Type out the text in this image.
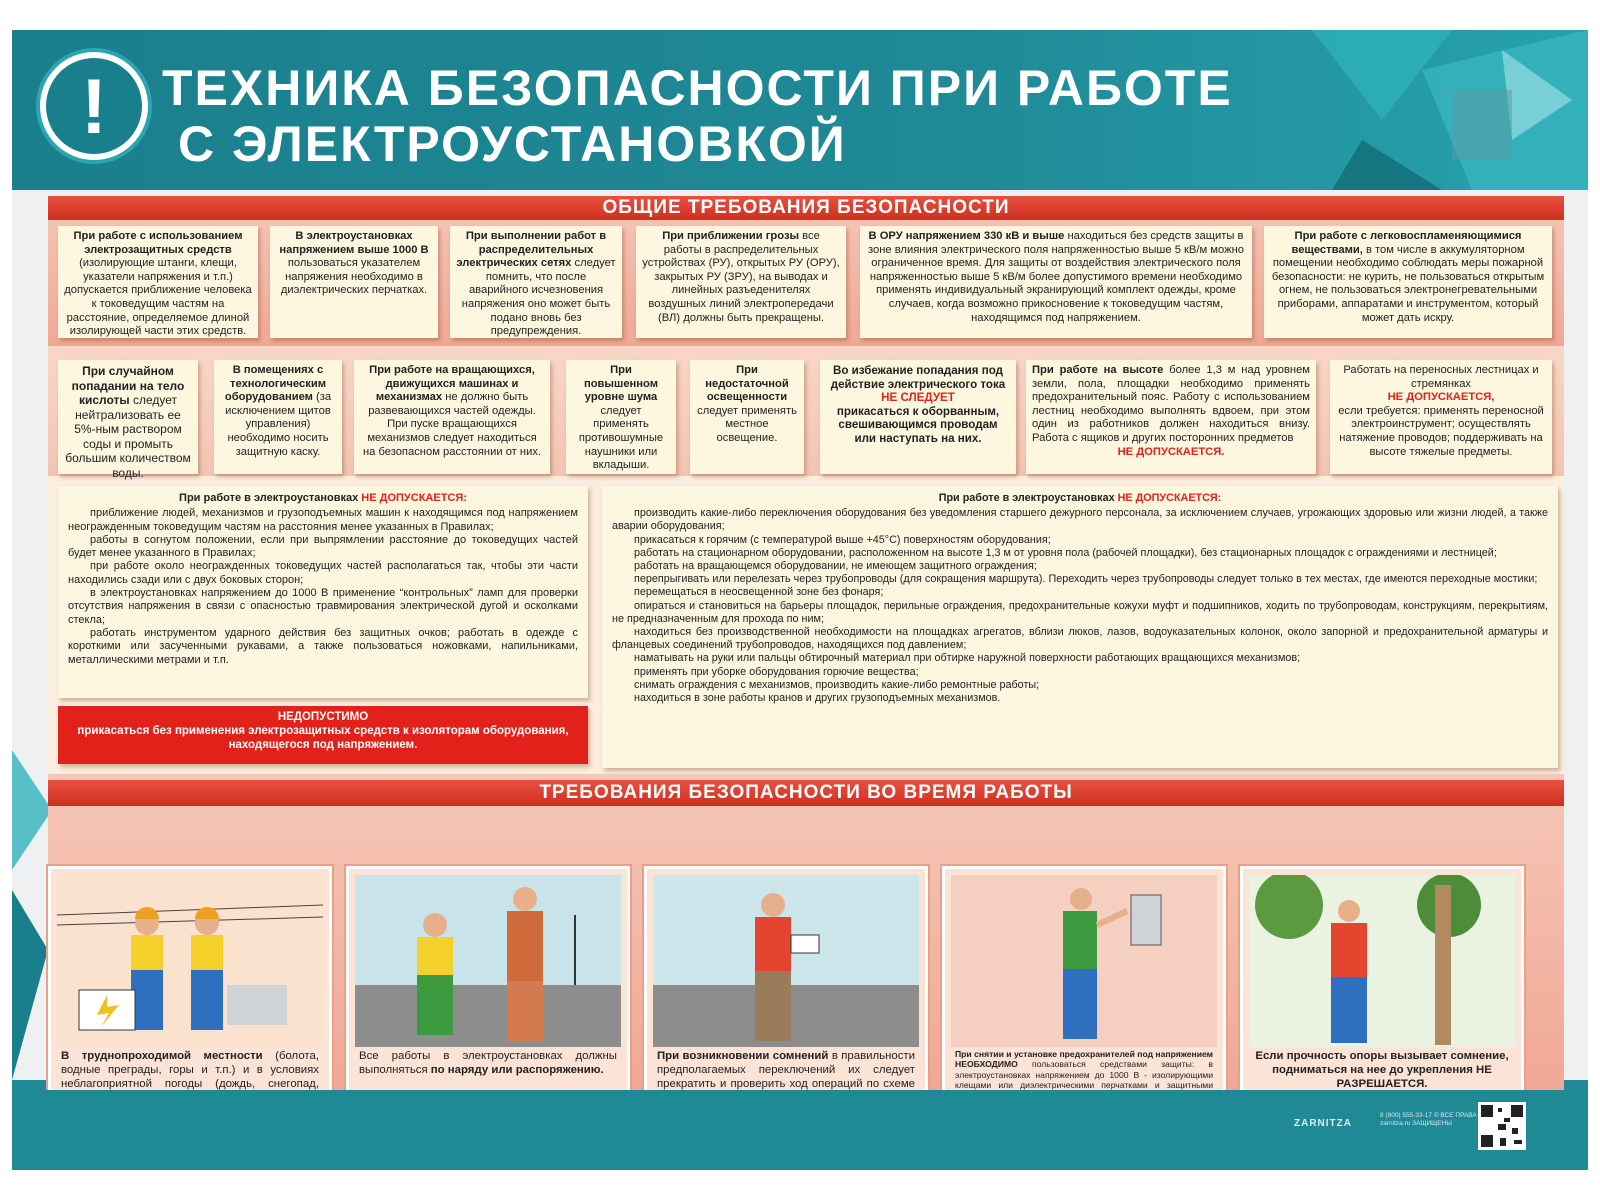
!	ТЕХНИКА БЕЗОПАСНОСТИ ПРИ РАБОТЕ
С ЭЛЕКТРОУСТАНОВКОЙ
ОБЩИЕ ТРЕБОВАНИЯ БЕЗОПАСНОСТИ
При работе с использованием электрозащитных средств (изолирующие штанги, клещи, указатели напряжения и т.п.) допускается приближение человека к токоведущим частям на расстояние, определяемое длиной изолирующей части этих средств.
В электроустановках напряжением выше 1000 В пользоваться указателем напряжения необходимо в диэлектрических перчатках.
При выполнении работ в распределительных электрических сетях следует помнить, что после аварийного исчезновения напряжения оно может быть подано вновь без предупреждения.
При приближении грозы все работы в распределительных устройствах (РУ), открытых РУ (ОРУ), закрытых РУ (ЗРУ), на выводах и линейных разъеденителях воздушных линий электропередачи (ВЛ) должны быть прекращены.
В ОРУ напряжением 330 кВ и выше находиться без средств защиты в зоне влияния электрического поля напряженностью выше 5 кВ/м можно ограниченное время. Для защиты от воздействия электрического поля напряженностью выше 5 кВ/м более допустимого времени необходимо применять индивидуальный экранирующий комплект одежды, кроме случаев, когда возможно прикосновение к токоведущим частям, находящимся под напряжением.
При работе с легковоспламеняющимися веществами, в том числе в аккумуляторном помещении необходимо соблюдать меры пожарной безопасности: не курить, не пользоваться открытым огнем, не пользоваться электронегревательными приборами, аппаратами и инструментом, который может дать искру.
При случайном попадании на тело кислоты следует нейтрализовать ее 5%-ным раствором соды и промыть большим количеством воды.
В помещениях с технологическим оборудованием (за исключением щитов управления) необходимо носить защитную каску.
При работе на вращающихся, движущихся машинах и механизмах не должно быть развевающихся частей одежды. При пуске вращающихся механизмов следует находиться на безопасном расстоянии от них.
При повышенном уровне шума следует применять противошумные наушники или вкладыши.
При недостаточной освещенности следует применять местное освещение.
Во избежание попадания под действие электрического тока
НЕ СЛЕДУЕТ
прикасаться к оборванным, свешивающимся проводам или наступать на них.
При работе на высоте более 1,3 м над уровнем земли, пола, площадки необходимо применять предохранительный пояс. Работу с использованием лестниц необходимо выполнять вдвоем, при этом один из работников должен находиться внизу. Работа с ящиков и других посторонних предметов
НЕ ДОПУСКАЕТСЯ.
Работать на переносных лестницах и стремянках
НЕ ДОПУСКАЕТСЯ,
если требуется: применять переносной электроинструмент; осуществлять натяжение проводов; поддерживать на высоте тяжелые предметы.
При работе в электроустановках НЕ ДОПУСКАЕТСЯ:

приближение людей, механизмов и грузоподъемных машин к находящимся под напряжением неогражденным токоведущим частям на расстояния менее указанных в Правилах;

работы в согнутом положении, если при выпрямлении расстояние до токоведущих частей будет менее указанного в Правилах;

при работе около неогражденных токоведущих частей располагаться так, чтобы эти части находились сзади или с двух боковых сторон;

в электроустановках напряжением до 1000 В применение “контрольных” ламп для проверки отсутствия напряжения в связи с опасностью травмирования электрической дугой и осколками стекла;

работать инструментом ударного действия без защитных очков; работать в одежде с короткими или засученными рукавами, а также пользоваться ножовками, напильниками, металлическими метрами и т.п.

НЕДОПУСТИМО
прикасаться без применения электрозащитных средств к изоляторам оборудования, находящегося под напряжением.
При работе в электроустановках НЕ ДОПУСКАЕТСЯ:

производить какие-либо переключения оборудования без уведомления старшего дежурного персонала, за исключением случаев, угрожающих здоровью или жизни людей, а также аварии оборудования;

прикасаться к горячим (с температурой выше +45°С) поверхностям оборудования;

работать на стационарном оборудовании, расположенном на высоте 1,3 м от уровня пола (рабочей площадки), без стационарных площадок с ограждениями и лестницей;

работать на вращающемся оборудовании, не имеющем защитного ограждения;

перепрыгивать или перелезать через трубопроводы (для сокращения маршрута). Переходить через трубопроводы следует только в тех местах, где имеются переходные мостики;

перемещаться в неосвещенной зоне без фонаря;

опираться и становиться на барьеры площадок, перильные ограждения, предохранительные кожухи муфт и подшипников, ходить по трубопроводам, конструкциям, перекрытиям, не предназначенным для прохода по ним;

находиться без производственной необходимости на площадках агрегатов, вблизи люков, лазов, водоуказательных колонок, около запорной и предохранительной арматуры и фланцевых соединений трубопроводов, находящихся под давлением;

наматывать на руки или пальцы обтирочный материал при обтирке наружной поверхности работающих вращающихся механизмов;

применять при уборке оборудования горючие вещества;

снимать ограждения с механизмов, производить какие-либо ремонтные работы;

находиться в зоне работы кранов и других грузоподъемных механизмов.

ТРЕБОВАНИЯ БЕЗОПАСНОСТИ ВО ВРЕМЯ РАБОТЫ
В труднопроходимой местности (болота, водные преграды, горы и т.п.) и в условиях неблагоприятной погоды (дождь, снегопад,
Все работы в электроустановках должны выполняться по наряду или распоряжению.
При возникновении сомнений в правильности предполагаемых переключений их следует прекратить и проверить ход операций по схеме
При снятии и установке предохранителей под напряжением НЕОБХОДИМО пользоваться средствами защиты: в электроустановках напряжением до 1000 В - изолирующими клещами или диэлектрическими перчатками и защитными
Если прочность опоры вызывает сомнение, подниматься на нее до укрепления НЕ РАЗРЕШАЕТСЯ.
ZARNITZA
8 (800) 555-33-17 © ВСЕ ПРАВА
zarnitza.ru ЗАЩИЩЕНЫ
